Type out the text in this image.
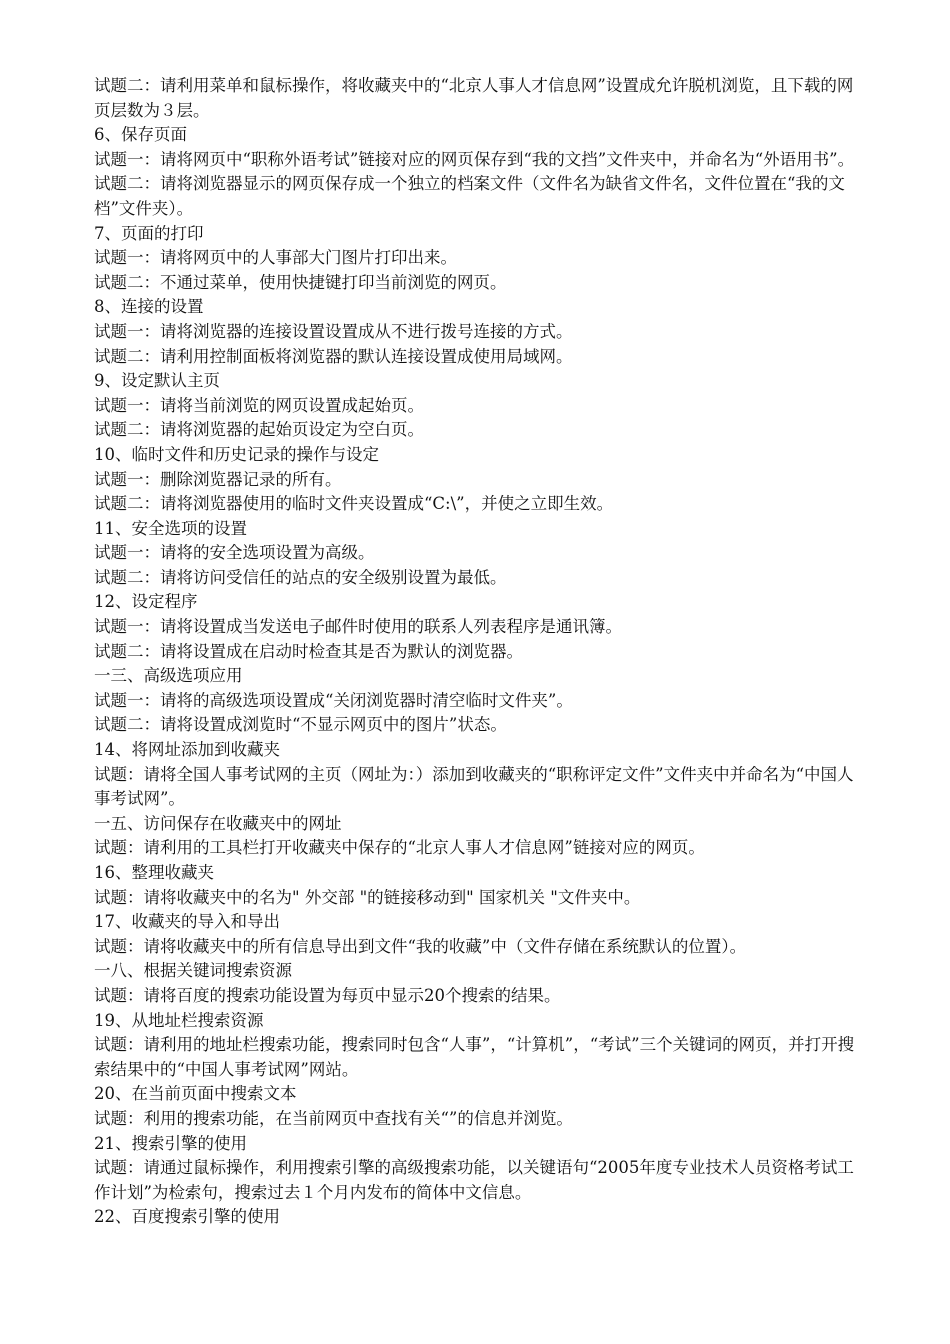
试题二：请利用菜单和鼠标操作，将收藏夹中的“北京人事人才信息网”设置成允许脱机浏览，且下载的网页层数为３层。
6、保存页面
试题一：请将网页中“职称外语考试”链接对应的网页保存到“我的文挡”文件夹中，并命名为“外语用书”。
试题二：请将浏览器显示的网页保存成一个独立的档案文件（文件名为缺省文件名，文件位置在“我的文档”文件夹）。
7、页面的打印
试题一：请将网页中的人事部大门图片打印出来。
试题二：不通过菜单，使用快捷键打印当前浏览的网页。
8、连接的设置
试题一：请将浏览器的连接设置设置成从不进行拨号连接的方式。
试题二：请利用控制面板将浏览器的默认连接设置成使用局域网。
9、设定默认主页
试题一：请将当前浏览的网页设置成起始页。
试题二：请将浏览器的起始页设定为空白页。
10、临时文件和历史记录的操作与设定
试题一：删除浏览器记录的所有。
试题二：请将浏览器使用的临时文件夹设置成“C:\”，并使之立即生效。
11、安全选项的设置
试题一：请将的安全选项设置为高级。
试题二：请将访问受信任的站点的安全级别设置为最低。
12、设定程序
试题一：请将设置成当发送电子邮件时使用的联系人列表程序是通讯簿。
试题二：请将设置成在启动时检查其是否为默认的浏览器。
一三、高级选项应用
试题一：请将的高级选项设置成“关闭浏览器时清空临时文件夹”。
试题二：请将设置成浏览时“不显示网页中的图片”状态。
14、将网址添加到收藏夹
试题：请将全国人事考试网的主页（网址为：）添加到收藏夹的“职称评定文件”文件夹中并命名为“中国人事考试网”。
一五、访问保存在收藏夹中的网址
试题：请利用的工具栏打开收藏夹中保存的“北京人事人才信息网”链接对应的网页。
16、整理收藏夹
试题：请将收藏夹中的名为" 外交部 "的链接移动到" 国家机关 "文件夹中。
17、收藏夹的导入和导出
试题：请将收藏夹中的所有信息导出到文件“我的收藏”中（文件存储在系统默认的位置）。
一八、根据关键词搜索资源
试题：请将百度的搜索功能设置为每页中显示20个搜索的结果。
19、从地址栏搜索资源
试题：请利用的地址栏搜索功能，搜索同时包含“人事”，“计算机”，“考试”三个关键词的网页，并打开搜索结果中的“中国人事考试网”网站。
20、在当前页面中搜索文本
试题：利用的搜索功能，在当前网页中查找有关“”的信息并浏览。
21、搜索引擎的使用
试题：请通过鼠标操作，利用搜索引擎的高级搜索功能，以关键语句“2005年度专业技术人员资格考试工作计划”为检索句，搜索过去１个月内发布的简体中文信息。
22、百度搜索引擎的使用
